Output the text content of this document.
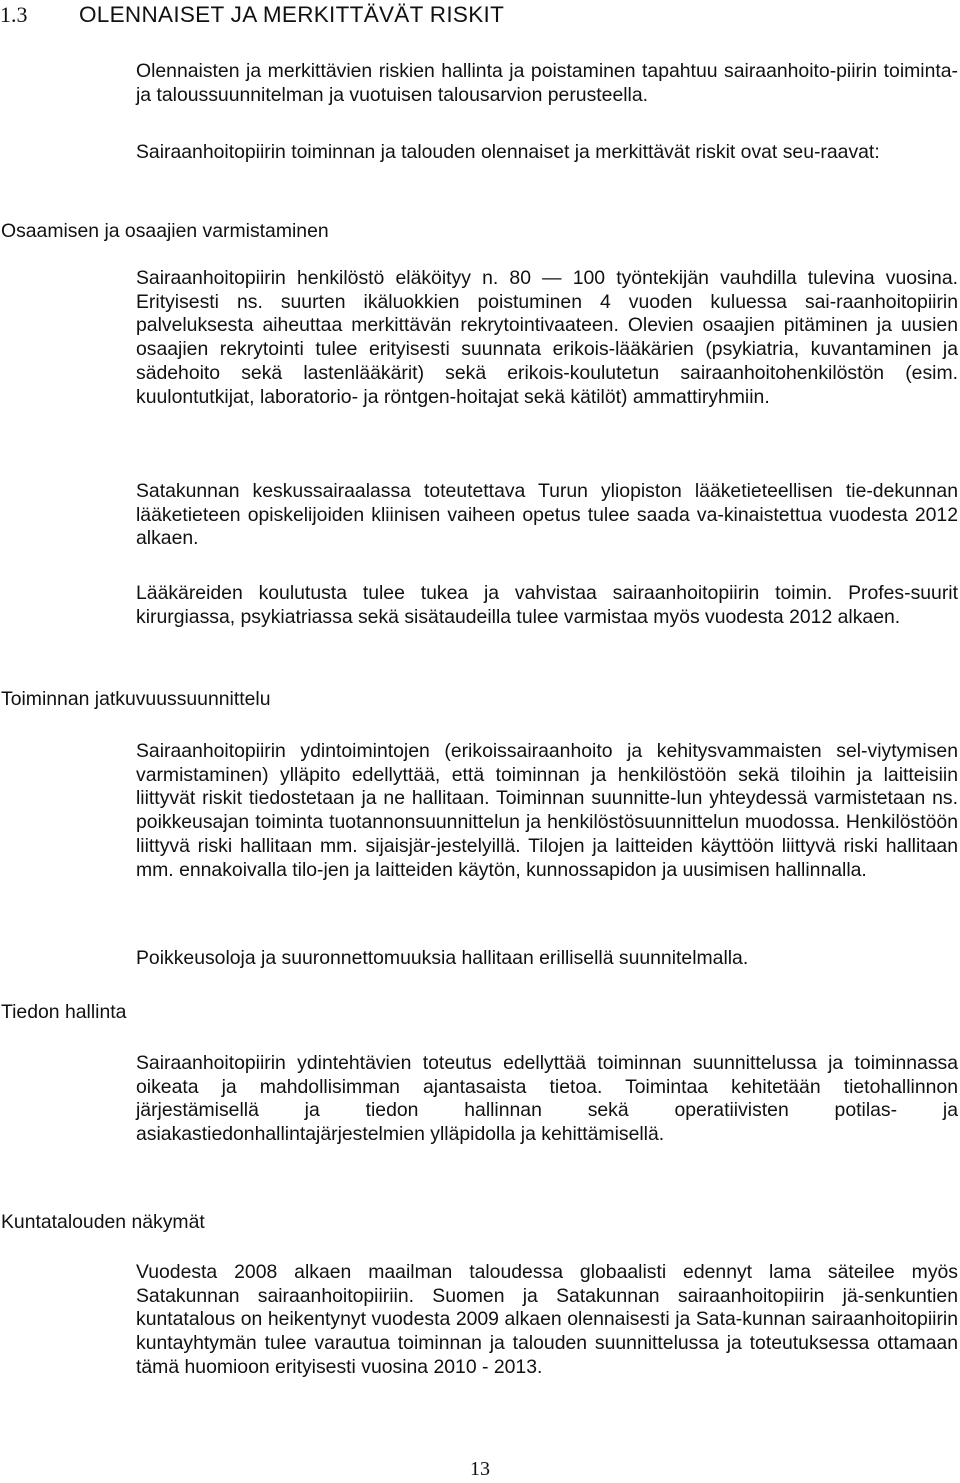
1.3 OLENNAISET JA MERKITTÄVÄT RISKIT

Olennaisten ja merkittävien riskien hallinta ja poistaminen tapahtuu sairaanhoito-piirin toiminta- ja taloussuunnitelman ja vuotuisen talousarvion perusteella.

Sairaanhoitopiirin toiminnan ja talouden olennaiset ja merkittävät riskit ovat seu-raavat:

Osaamisen ja osaajien varmistaminen

Sairaanhoitopiirin henkilöstö eläköityy n. 80 — 100 työntekijän vauhdilla tulevina vuosina. Erityisesti ns. suurten ikäluokkien poistuminen 4 vuoden kuluessa sai-raanhoitopiirin palveluksesta aiheuttaa merkittävän rekrytointivaateen. Olevien osaajien pitäminen ja uusien osaajien rekrytointi tulee erityisesti suunnata erikois-lääkärien (psykiatria, kuvantaminen ja sädehoito sekä lastenlääkärit) sekä erikois-koulutetun sairaanhoitohenkilöstön (esim. kuulontutkijat, laboratorio- ja röntgen-hoitajat sekä kätilöt) ammattiryhmiin.

Satakunnan keskussairaalassa toteutettava Turun yliopiston lääketieteellisen tie-dekunnan lääketieteen opiskelijoiden kliinisen vaiheen opetus tulee saada va-kinaistettua vuodesta 2012 alkaen.

Lääkäreiden koulutusta tulee tukea ja vahvistaa sairaanhoitopiirin toimin. Profes-suurit kirurgiassa, psykiatriassa sekä sisätaudeilla tulee varmistaa myös vuodesta 2012 alkaen.

Toiminnan jatkuvuussuunnittelu

Sairaanhoitopiirin ydintoimintojen (erikoissairaanhoito ja kehitysvammaisten sel-viytymisen varmistaminen) ylläpito edellyttää, että toiminnan ja henkilöstöön sekä tiloihin ja laitteisiin liittyvät riskit tiedostetaan ja ne hallitaan. Toiminnan suunnitte-lun yhteydessä varmistetaan ns. poikkeusajan toiminta tuotannonsuunnittelun ja henkilöstösuunnittelun muodossa. Henkilöstöön liittyvä riski hallitaan mm. sijaisjär-jestelyillä. Tilojen ja laitteiden käyttöön liittyvä riski hallitaan mm. ennakoivalla tilo-jen ja laitteiden käytön, kunnossapidon ja uusimisen hallinnalla.

Poikkeusoloja ja suuronnettomuuksia hallitaan erillisellä suunnitelmalla.

Tiedon hallinta

Sairaanhoitopiirin ydintehtävien toteutus edellyttää toiminnan suunnittelussa ja toiminnassa oikeata ja mahdollisimman ajantasaista tietoa. Toimintaa kehitetään tietohallinnon järjestämisellä ja tiedon hallinnan sekä operatiivisten potilas- ja asiakastiedonhallintajärjestelmien ylläpidolla ja kehittämisellä.

Kuntatalouden näkymät

Vuodesta 2008 alkaen maailman taloudessa globaalisti edennyt lama säteilee myös Satakunnan sairaanhoitopiiriin. Suomen ja Satakunnan sairaanhoitopiirin jä-senkuntien kuntatalous on heikentynyt vuodesta 2009 alkaen olennaisesti ja Sata-kunnan sairaanhoitopiirin kuntayhtymän tulee varautua toiminnan ja talouden suunnittelussa ja toteutuksessa ottamaan tämä huomioon erityisesti vuosina 2010 - 2013.

13
